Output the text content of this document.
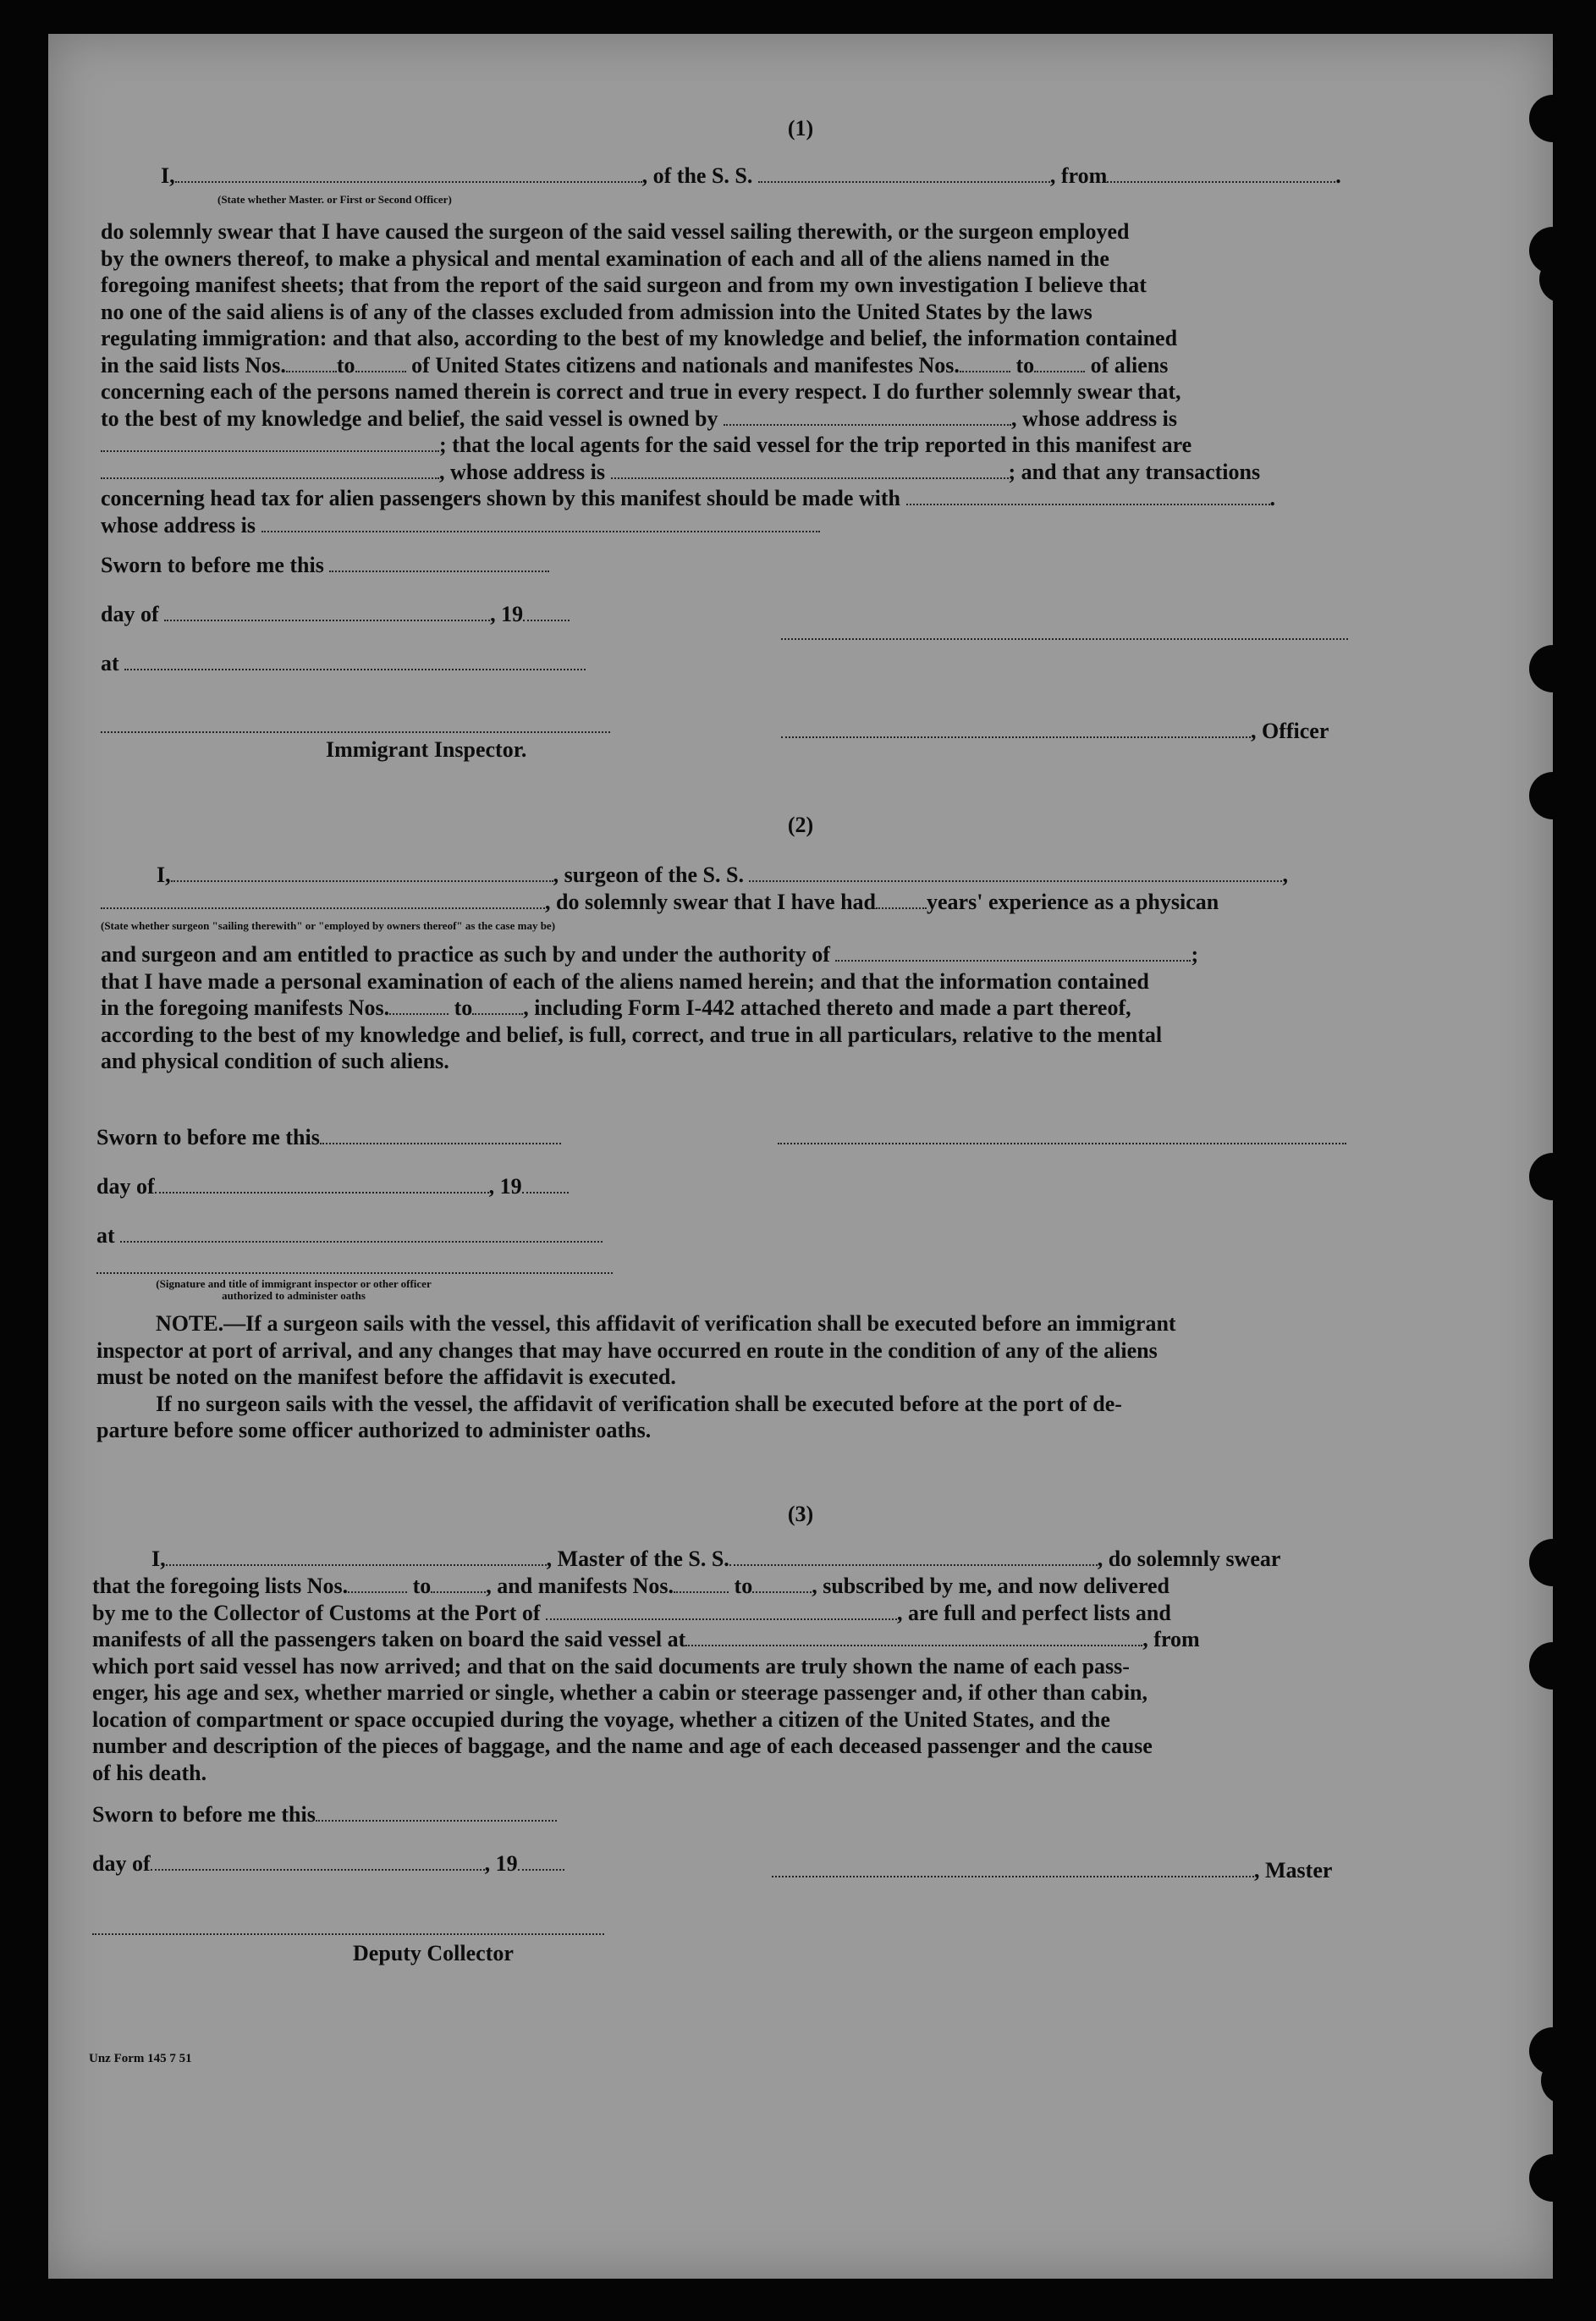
(1)
I,	, of the S. S.	, from	.
(State whether Master. or First or Second Officer)
do solemnly swear that I have caused the surgeon of the said vessel sailing therewith, or the surgeon employed
by the owners thereof, to make a physical and mental examination of each and all of the aliens named in the
foregoing manifest sheets; that from the report of the said surgeon and from my own investigation I believe that
no one of the said aliens is of any of the classes excluded from admission into the United States by the laws
regulating immigration: and that also, according to the best of my knowledge and belief, the information contained
in the said lists Nos. to	of United States citizens and nationals and manifestes Nos.	to	of aliens
concerning each of the persons named therein is correct and true in every respect. I do further solemnly swear that,
to the best of my knowledge and belief, the said vessel is owned by	, whose address is
; that the local agents for the said vessel for the trip reported in this manifest are
, whose address is	; and that any transactions
concerning head tax for alien passengers shown by this manifest should be made with	.
whose address is
Sworn to before me this
day of	, 19
at
, Officer
Immigrant Inspector.
(2)
I,	, surgeon of the S. S.	,
, do solemnly swear that I have had years' experience as a physican
(State whether surgeon "sailing therewith" or "employed by owners thereof" as the case may be)
and surgeon and am entitled to practice as such by and under the authority of	;
that I have made a personal examination of each of the aliens named herein; and that the information contained
in the foregoing manifests Nos.	to , including Form I-442 attached thereto and made a part thereof,
according to the best of my knowledge and belief, is full, correct, and true in all particulars, relative to the mental
and physical condition of such aliens.
Sworn to before me this
day of	, 19
at
(Signature and title of immigrant inspector or other officer authorized to administer oaths
NOTE.—If a surgeon sails with the vessel, this affidavit of verification shall be executed before an immigrant
inspector at port of arrival, and any changes that may have occurred en route in the condition of any of the aliens
must be noted on the manifest before the affidavit is executed.
If no surgeon sails with the vessel, the affidavit of verification shall be executed before at the port of de-
parture before some officer authorized to administer oaths.
(3)
I,	, Master of the S. S.	, do solemnly swear
that the foregoing lists Nos.	to	, and manifests Nos.	to	, subscribed by me, and now delivered
by me to the Collector of Customs at the Port of	, are full and perfect lists and
manifests of all the passengers taken on board the said vessel at	, from
which port said vessel has now arrived; and that on the said documents are truly shown the name of each pass-
enger, his age and sex, whether married or single, whether a cabin or steerage passenger and, if other than cabin,
location of compartment or space occupied during the voyage, whether a citizen of the United States, and the
number and description of the pieces of baggage, and the name and age of each deceased passenger and the cause
of his death.
Sworn to before me this
day of	, 19	, Master
Deputy Collector
Unz Form 145 7 51
